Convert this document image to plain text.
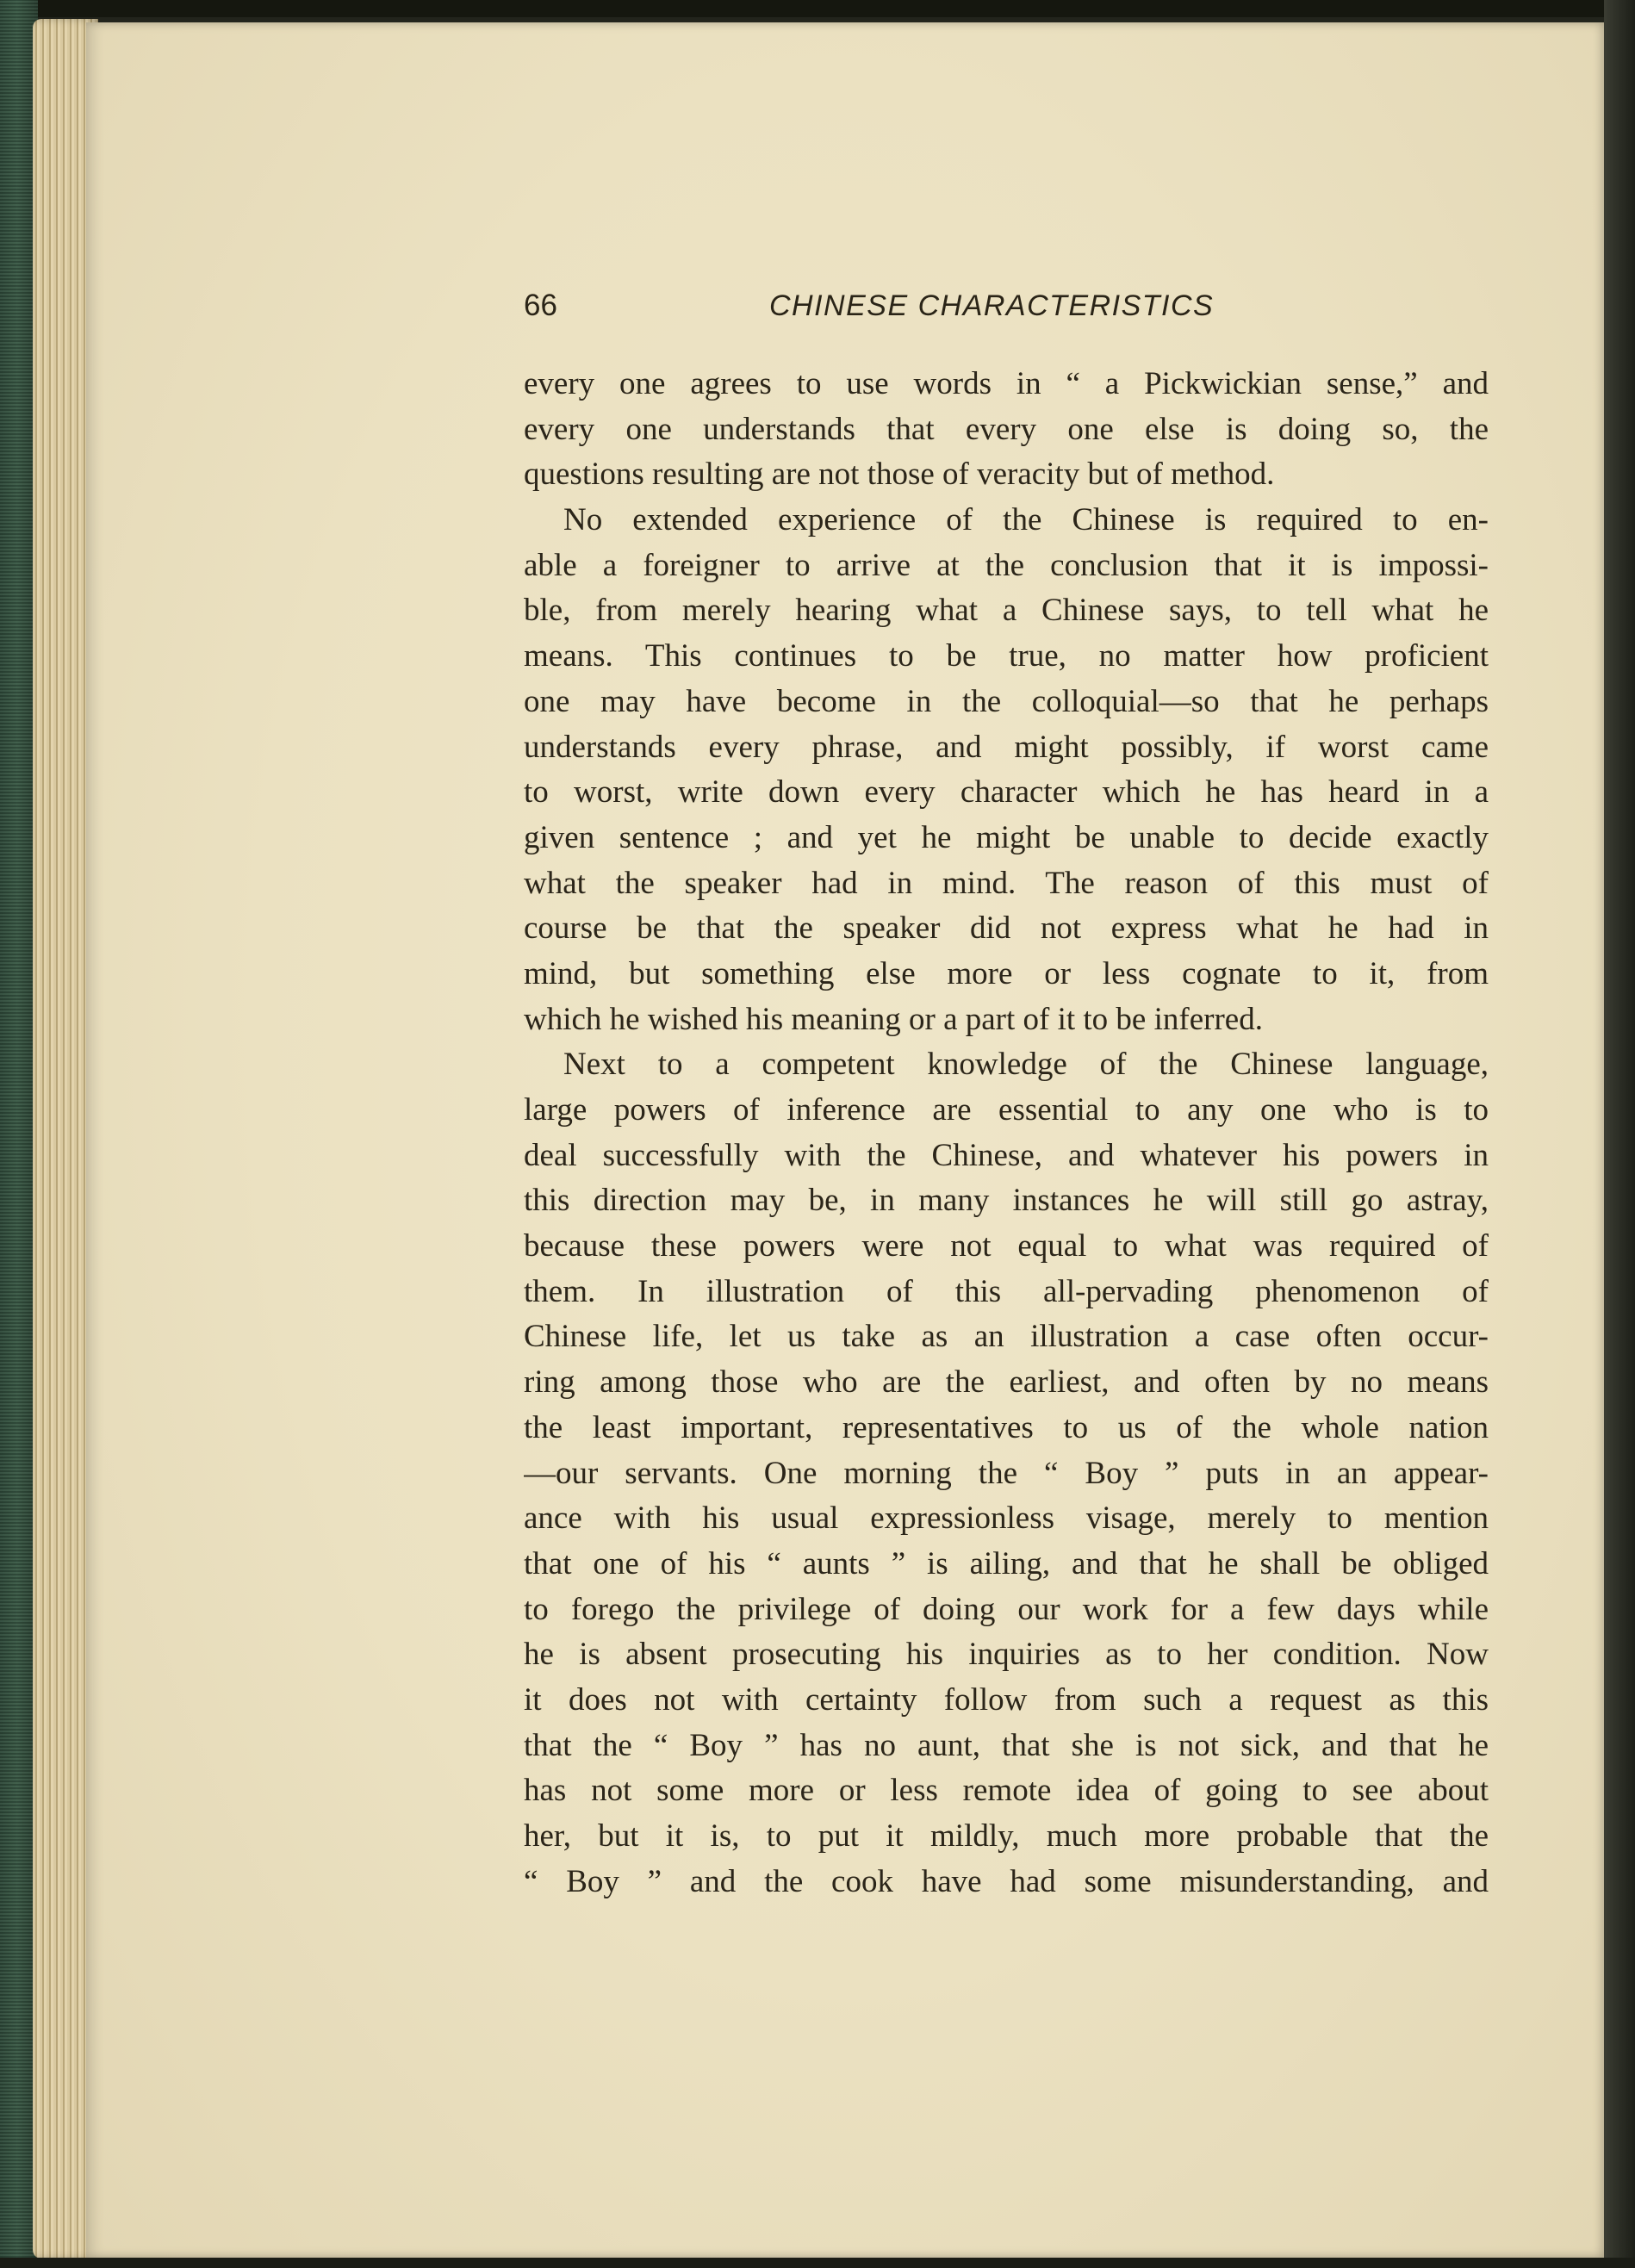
66	CHINESE CHARACTERISTICS
every one agrees to use words in “ a Pickwickian sense,” and
every one understands that every one else is doing so, the
questions resulting are not those of veracity but of method.
No extended experience of the Chinese is required to en-
able a foreigner to arrive at the conclusion that it is impossi-
ble, from merely hearing what a Chinese says, to tell what he
means. This continues to be true, no matter how proficient
one may have become in the colloquial—so that he perhaps
understands every phrase, and might possibly, if worst came
to worst, write down every character which he has heard in a
given sentence ; and yet he might be unable to decide exactly
what the speaker had in mind. The reason of this must of
course be that the speaker did not express what he had in
mind, but something else more or less cognate to it, from
which he wished his meaning or a part of it to be inferred.
Next to a competent knowledge of the Chinese language,
large powers of inference are essential to any one who is to
deal successfully with the Chinese, and whatever his powers in
this direction may be, in many instances he will still go astray,
because these powers were not equal to what was required of
them. In illustration of this all-pervading phenomenon of
Chinese life, let us take as an illustration a case often occur-
ring among those who are the earliest, and often by no means
the least important, representatives to us of the whole nation
—our servants. One morning the “ Boy ” puts in an appear-
ance with his usual expressionless visage, merely to mention
that one of his “ aunts ” is ailing, and that he shall be obliged
to forego the privilege of doing our work for a few days while
he is absent prosecuting his inquiries as to her condition. Now
it does not with certainty follow from such a request as this
that the “ Boy ” has no aunt, that she is not sick, and that he
has not some more or less remote idea of going to see about
her, but it is, to put it mildly, much more probable that the
“ Boy ” and the cook have had some misunderstanding, and
